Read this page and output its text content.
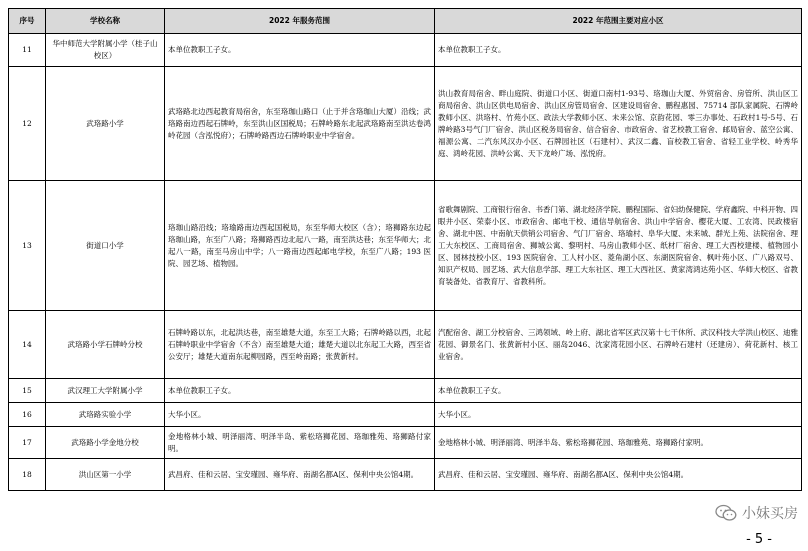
序号	学校名称	2022 年服务范围	2022 年范围主要对应小区
11	华中师范大学附属小学（桂子山校区）	本单位教职工子女。	本单位教职工子女。
12	武珞路小学	武珞路北边西起教育局宿舍，东至珞珈山路口（止于并含珞珈山大厦）沿线；武珞路南边西起石牌岭，东至洪山区国税局；石牌岭路东北起武珞路南至洪达卷鸿岭花园（含泓悦府）；石牌岭路西边石牌岭职业中学宿舍。	洪山教育局宿舍、畔山庭院、街道口小区、街道口南村1-93号、珞珈山大厦、外贸宿舍、房管所、洪山区工商局宿舍、洪山区供电局宿舍、洪山区房管局宿舍、区建设局宿舍、鹏程惠园、75714 部队家属院、石牌岭教师小区、洪珞村、竹苑小区、政法大学教师小区、未来公馆、京韵花园、零三办事处、石政村1号-5号、石牌岭路3号气门厂宿舍、洪山区税务局宿舍、信合宿舍、市政宿舍、省艺校教工宿舍、邮局宿舍、蓝空公寓、福源公寓、二汽东风汉办小区、石牌园社区（石建村）、武汉二鑫、盲校教工宿舍、省轻工业学校、岭秀华庭、鸿岭花园、洪岭公寓、天下龙岭广场、泓悦府。
13	街道口小学	珞珈山路沿线；珞瑜路南边西起国税局，东至华师大校区（含）；珞狮路东边起珞珈山路，东至广八路；珞狮路西边北起八一路，南至洪达巷；东至华师大；北起八一路，南至马房山中学；八一路南边西起邮电学校，东至广八路；193 医院、园艺场、植物园。	省歌舞剧院、工商银行宿舍、书香门第、湖北经济学院、鹏程国际、省妇幼保健院、学府鑫院、中科开物、四眼井小区、荣泰小区、市政宿舍、邮电干校、通信导航宿舍、洪山中学宿舍、樱花大厦、工农湾、民政楼宿舍、湖北中医、中南航天供销公司宿舍、气门厂宿舍、珞瑜村、阜华大厦、未来城、群光上苑、法院宿舍、理工大东校区、工商局宿舍、狮城公寓、黎明村、马房山教师小区、纸材厂宿舍、理工大西校建楼、植物园小区、园林技校小区、193 医院宿舍、工人村小区、菱角湖小区、东湖医院宿舍、枫叶苑小区、广八路双号、知识产权局、园艺场、武大信息学部、理工大东社区、理工大西社区、黄家湾鸿达苑小区、华师大校区、省教育装备处、省教育厅、省教科所。
14	武珞路小学石牌岭分校	石牌岭路以东，北起洪达巷，南至雄楚大道，东至工大路；石牌岭路以西，北起石牌岭职业中学宿舍（不含）南至雄楚大道；雄楚大道以北东起工大路，西至省公安厅；雄楚大道南东起柳园路，西至岭南路；张黄新村。	汽配宿舍、湖工分校宿舍、三鸿领域、岭上府、湖北省军区武汉第十七干休所、武汉科技大学洪山校区、迪雅花园、御景名门、张黄新村小区、丽岛2046、沈家湾花园小区、石牌岭石建村（还建房）、荷花新村、核工业宿舍。
15	武汉理工大学附属小学	本单位教职工子女。	本单位教职工子女。
16	武珞路实验小学	大华小区。	大华小区。
17	武珞路小学金地分校	金地格林小城、明泽丽湾、明泽半岛、紫松珞狮花园、珞珈雅苑、珞狮路付家明。	金地格林小城、明泽丽湾、明泽半岛、紫松珞狮花园、珞珈雅苑、珞狮路付家明。
18	洪山区第一小学	武昌府、佳和云居、宝安瑾园、雍华府、南湖名都A区、保利中央公馆4期。	武昌府、佳和云居、宝安瑾园、雍华府、南湖名都A区、保利中央公馆4期。
小妹买房
- 5 -
